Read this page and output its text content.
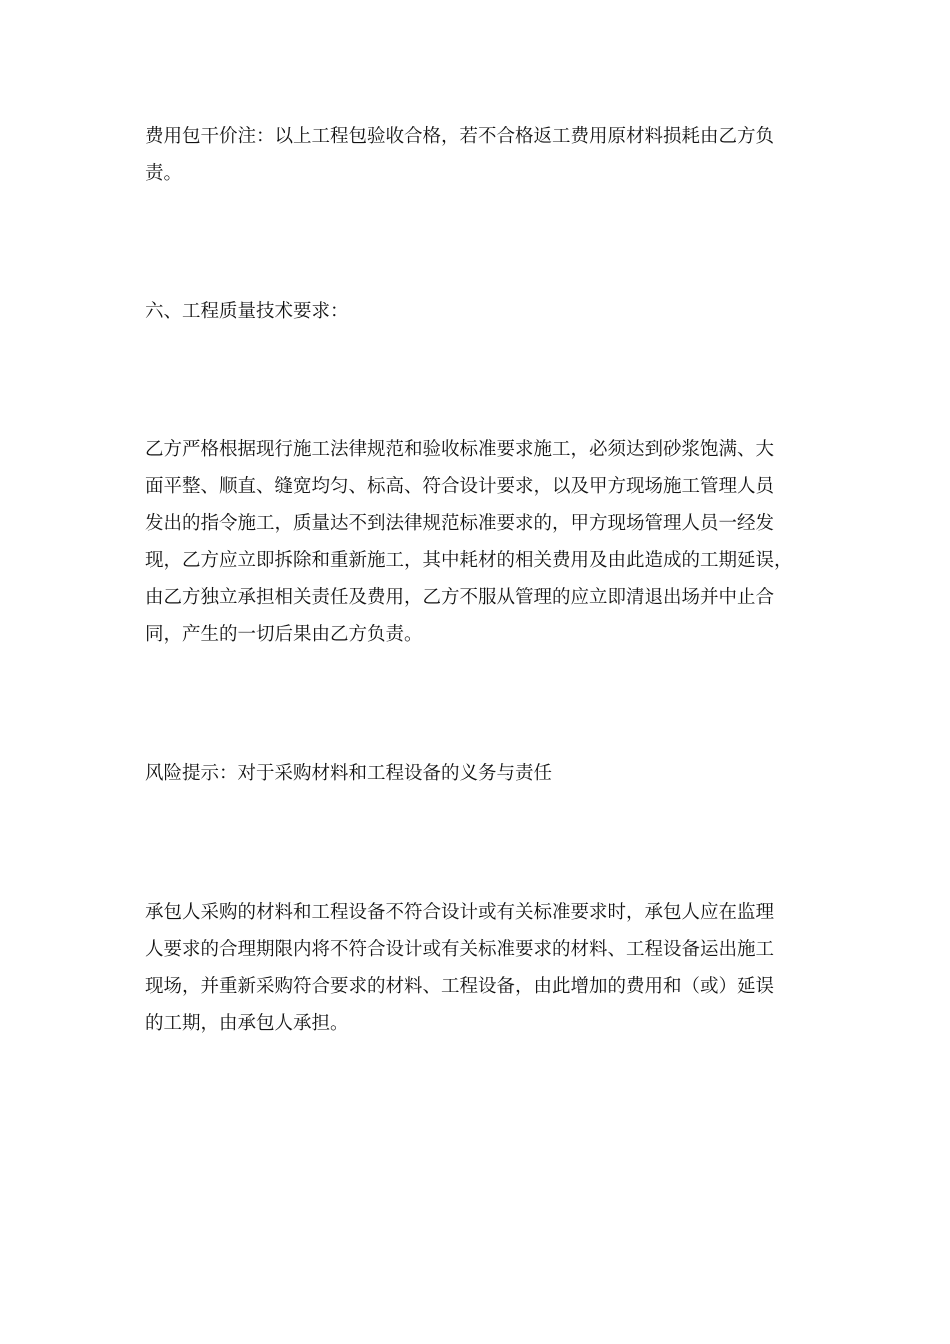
费用包干价注：以上工程包验收合格，若不合格返工费用原材料损耗由乙方负
责。
六、工程质量技术要求：
乙方严格根据现行施工法律规范和验收标准要求施工，必须达到砂浆饱满、大
面平整、顺直、缝宽均匀、标高、符合设计要求，以及甲方现场施工管理人员
发出的指令施工，质量达不到法律规范标准要求的，甲方现场管理人员一经发
现，乙方应立即拆除和重新施工，其中耗材的相关费用及由此造成的工期延误，
由乙方独立承担相关责任及费用，乙方不服从管理的应立即清退出场并中止合
同，产生的一切后果由乙方负责。
风险提示：对于采购材料和工程设备的义务与责任
承包人采购的材料和工程设备不符合设计或有关标准要求时，承包人应在监理
人要求的合理期限内将不符合设计或有关标准要求的材料、工程设备运出施工
现场，并重新采购符合要求的材料、工程设备，由此增加的费用和（或）延误
的工期，由承包人承担。
